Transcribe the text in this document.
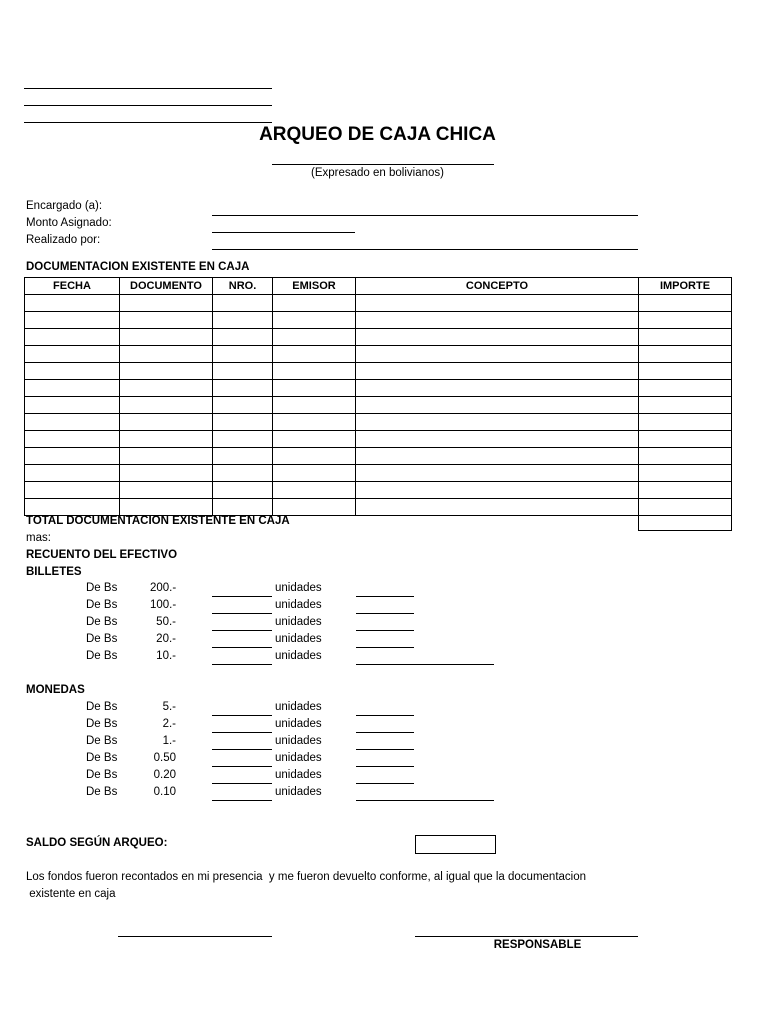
ARQUEO DE CAJA CHICA
(Expresado en bolivianos)
Encargado (a):
Monto Asignado:
Realizado por:
DOCUMENTACION EXISTENTE EN CAJA
FECHA	DOCUMENTO	NRO.	EMISOR	CONCEPTO	IMPORTE

TOTAL DOCUMENTACION EXISTENTE EN CAJA
mas:
RECUENTO DEL EFECTIVO
BILLETES
De Bs	200.-	unidades
De Bs	100.-	unidades
De Bs	50.-	unidades
De Bs	20.-	unidades
De Bs	10.-	unidades
MONEDAS
De Bs	5.-	unidades
De Bs	2.-	unidades
De Bs	1.-	unidades
De Bs	0.50	unidades
De Bs	0.20	unidades
De Bs	0.10	unidades
SALDO SEGÚN ARQUEO:
Los fondos fueron recontados en mi presencia  y me fueron devuelto conforme, al igual que la documentacion
existente en caja
RESPONSABLE
